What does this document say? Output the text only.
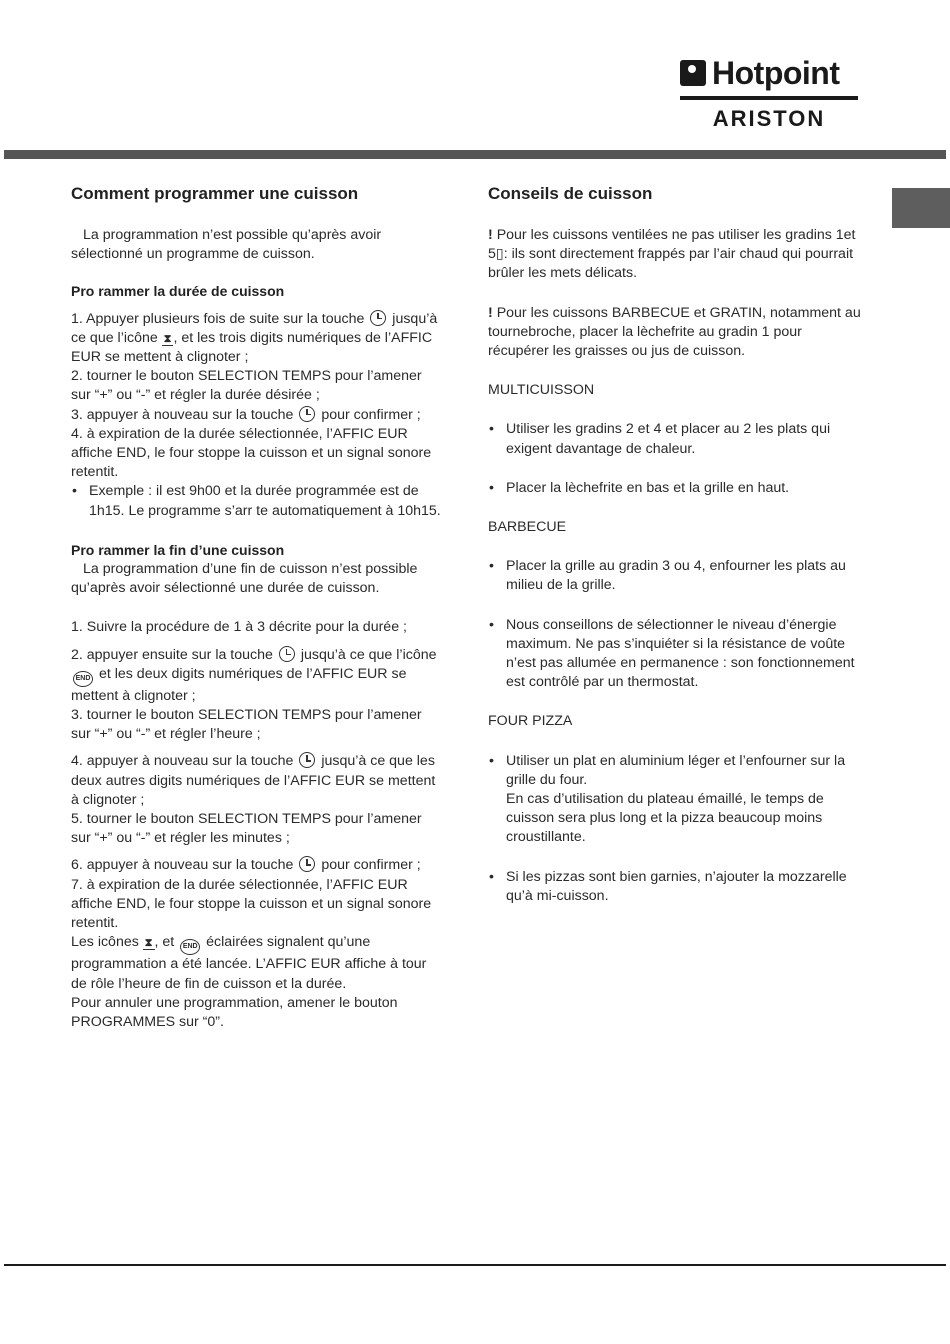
Hotpoint
ARISTON
Comment programmer une cuisson

La programmation n’est possible qu’après avoir sélectionné un programme de cuisson.

Pro rammer la durée de cuisson

1. Appuyer plusieurs fois de suite sur la touche jusqu’à ce que l’icône ⧗ , et les trois digits numériques de l’AFFIC EUR se mettent à clignoter ;

2. tourner le bouton SELECTION TEMPS pour l’amener sur “+” ou “-” et régler la durée désirée ;

3. appuyer à nouveau sur la touche pour confirmer ;

4. à expiration de la durée sélectionnée, l’AFFIC EUR affiche END, le four stoppe la cuisson et un signal sonore retentit.

• Exemple : il est 9h00 et la durée programmée est de 1h15. Le programme s’arr te automatiquement à 10h15.

Pro rammer la fin d’une cuisson

La programmation d’une fin de cuisson n’est possible qu’après avoir sélectionné une durée de cuisson.

1. Suivre la procédure de 1 à 3 décrite pour la durée ;

2. appuyer ensuite sur la touche jusqu’à ce que l’icône END et les deux digits numériques de l’AFFIC EUR se mettent à clignoter ;

3. tourner le bouton SELECTION TEMPS pour l’amener sur “+” ou “-” et régler l’heure ;

4. appuyer à nouveau sur la touche jusqu’à ce que les deux autres digits numériques de l’AFFIC EUR se mettent à clignoter ;

5. tourner le bouton SELECTION TEMPS pour l’amener sur “+” ou “-” et régler les minutes ;

6. appuyer à nouveau sur la touche pour confirmer ;

7. à expiration de la durée sélectionnée, l’AFFIC EUR affiche END, le four stoppe la cuisson et un signal sonore retentit.

Les icônes ⧗ , et END éclairées signalent qu’une programmation a été lancée. L’AFFIC EUR affiche à tour de rôle l’heure de fin de cuisson et la durée.

Pour annuler une programmation, amener le bouton PROGRAMMES sur “0”.

Conseils de cuisson

! Pour les cuissons ventilées ne pas utiliser les gradins 1et 5▯: ils sont directement frappés par l’air chaud qui pourrait brûler les mets délicats.

! Pour les cuissons BARBECUE et GRATIN, notamment au tournebroche, placer la lèchefrite au gradin 1 pour récupérer les graisses ou jus de cuisson.

MULTICUISSON

• Utiliser les gradins 2 et 4 et placer au 2 les plats qui exigent davantage de chaleur.

• Placer la lèchefrite en bas et la grille en haut.

BARBECUE

• Placer la grille au gradin 3 ou 4, enfourner les plats au milieu de la grille.

• Nous conseillons de sélectionner le niveau d’énergie maximum. Ne pas s’inquiéter si la résistance de voûte n’est pas allumée en permanence : son fonctionnement est contrôlé par un thermostat.

FOUR PIZZA

• Utiliser un plat en aluminium léger et l’enfourner sur la grille du four.

En cas d’utilisation du plateau émaillé, le temps de cuisson sera plus long et la pizza beaucoup moins croustillante.

• Si les pizzas sont bien garnies, n’ajouter la mozzarelle qu’à mi-cuisson.
